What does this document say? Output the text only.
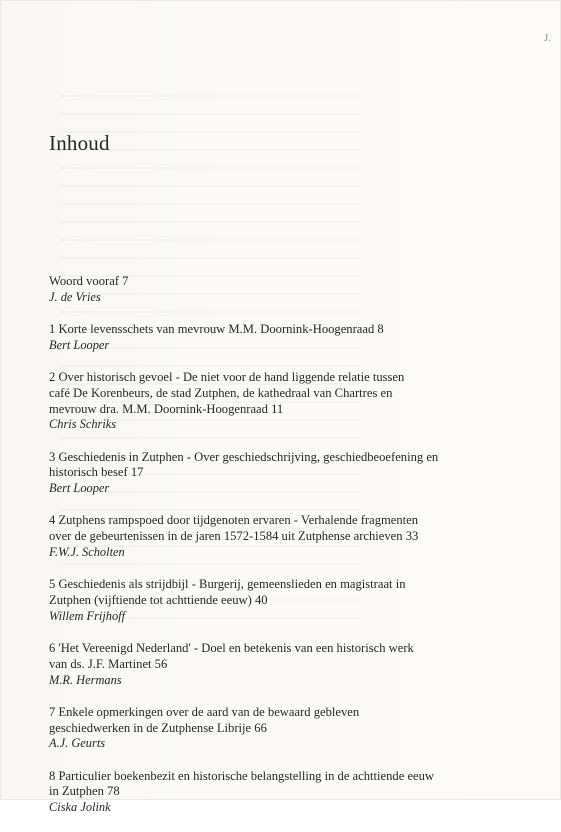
J.
Inhoud

Woord vooraf 7

J. de Vries

1 Korte levensschets van mevrouw M.M. Doornink-Hoogenraad 8

Bert Looper

2 Over historisch gevoel - De niet voor de hand liggende relatie tussen

café De Korenbeurs, de stad Zutphen, de kathedraal van Chartres en

mevrouw dra. M.M. Doornink-Hoogenraad 11

Chris Schriks

3 Geschiedenis in Zutphen - Over geschiedschrijving, geschiedbeoefening en

historisch besef 17

Bert Looper

4 Zutphens rampspoed door tijdgenoten ervaren - Verhalende fragmenten

over de gebeurtenissen in de jaren 1572-1584 uit Zutphense archieven 33

F.W.J. Scholten

5 Geschiedenis als strijdbijl - Burgerij, gemeenslieden en magistraat in

Zutphen (vijftiende tot achttiende eeuw) 40

Willem Frijhoff

6 'Het Vereenigd Nederland' - Doel en betekenis van een historisch werk

van ds. J.F. Martinet 56

M.R. Hermans

7 Enkele opmerkingen over de aard van de bewaard gebleven

geschiedwerken in de Zutphense Librije 66

A.J. Geurts

8 Particulier boekenbezit en historische belangstelling in de achttiende eeuw

in Zutphen 78

Ciska Jolink
